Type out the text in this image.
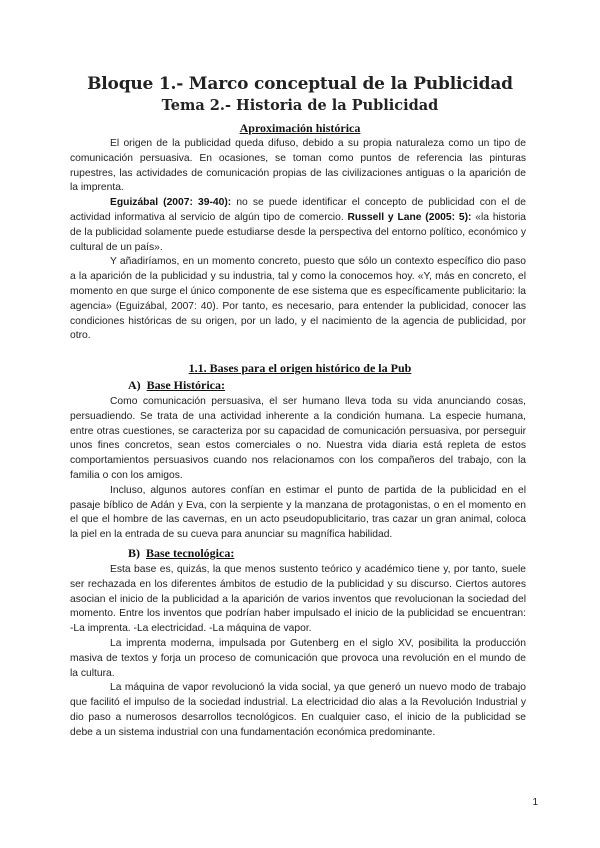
Bloque 1.- Marco conceptual de la Publicidad
Tema 2.- Historia de la Publicidad
Aproximación histórica

El origen de la publicidad queda difuso, debido a su propia naturaleza como un tipo de comunicación persuasiva. En ocasiones, se toman como puntos de referencia las pinturas rupestres, las actividades de comunicación propias de las civilizaciones antiguas o la aparición de la imprenta.

Eguizábal (2007: 39-40): no se puede identificar el concepto de publicidad con el de actividad informativa al servicio de algún tipo de comercio. Russell y Lane (2005: 5): «la historia de la publicidad solamente puede estudiarse desde la perspectiva del entorno político, económico y cultural de un país».

Y añadiríamos, en un momento concreto, puesto que sólo un contexto específico dio paso a la aparición de la publicidad y su industria, tal y como la conocemos hoy. «Y, más en concreto, el momento en que surge el único componente de ese sistema que es específicamente publicitario: la agencia» (Eguizábal, 2007: 40). Por tanto, es necesario, para entender la publicidad, conocer las condiciones históricas de su origen, por un lado, y el nacimiento de la agencia de publicidad, por otro.

1.1. Bases para el origen histórico de la Pub
A) Base Histórica:

Como comunicación persuasiva, el ser humano lleva toda su vida anunciando cosas, persuadiendo. Se trata de una actividad inherente a la condición humana. La especie humana, entre otras cuestiones, se caracteriza por su capacidad de comunicación persuasiva, por perseguir unos fines concretos, sean estos comerciales o no. Nuestra vida diaria está repleta de estos comportamientos persuasivos cuando nos relacionamos con los compañeros del trabajo, con la familia o con los amigos.

Incluso, algunos autores confían en estimar el punto de partida de la publicidad en el pasaje bíblico de Adán y Eva, con la serpiente y la manzana de protagonistas, o en el momento en el que el hombre de las cavernas, en un acto pseudopublicitario, tras cazar un gran animal, coloca la piel en la entrada de su cueva para anunciar su magnífica habilidad.

B) Base tecnológica:

Esta base es, quizás, la que menos sustento teórico y académico tiene y, por tanto, suele ser rechazada en los diferentes ámbitos de estudio de la publicidad y su discurso. Ciertos autores asocian el inicio de la publicidad a la aparición de varios inventos que revolucionan la sociedad del momento. Entre los inventos que podrían haber impulsado el inicio de la publicidad se encuentran: -La imprenta. -La electricidad. -La máquina de vapor.

La imprenta moderna, impulsada por Gutenberg en el siglo XV, posibilita la producción masiva de textos y forja un proceso de comunicación que provoca una revolución en el mundo de la cultura.

La máquina de vapor revolucionó la vida social, ya que generó un nuevo modo de trabajo que facilitó el impulso de la sociedad industrial. La electricidad dio alas a la Revolución Industrial y dio paso a numerosos desarrollos tecnológicos. En cualquier caso, el inicio de la publicidad se debe a un sistema industrial con una fundamentación económica predominante.

1
